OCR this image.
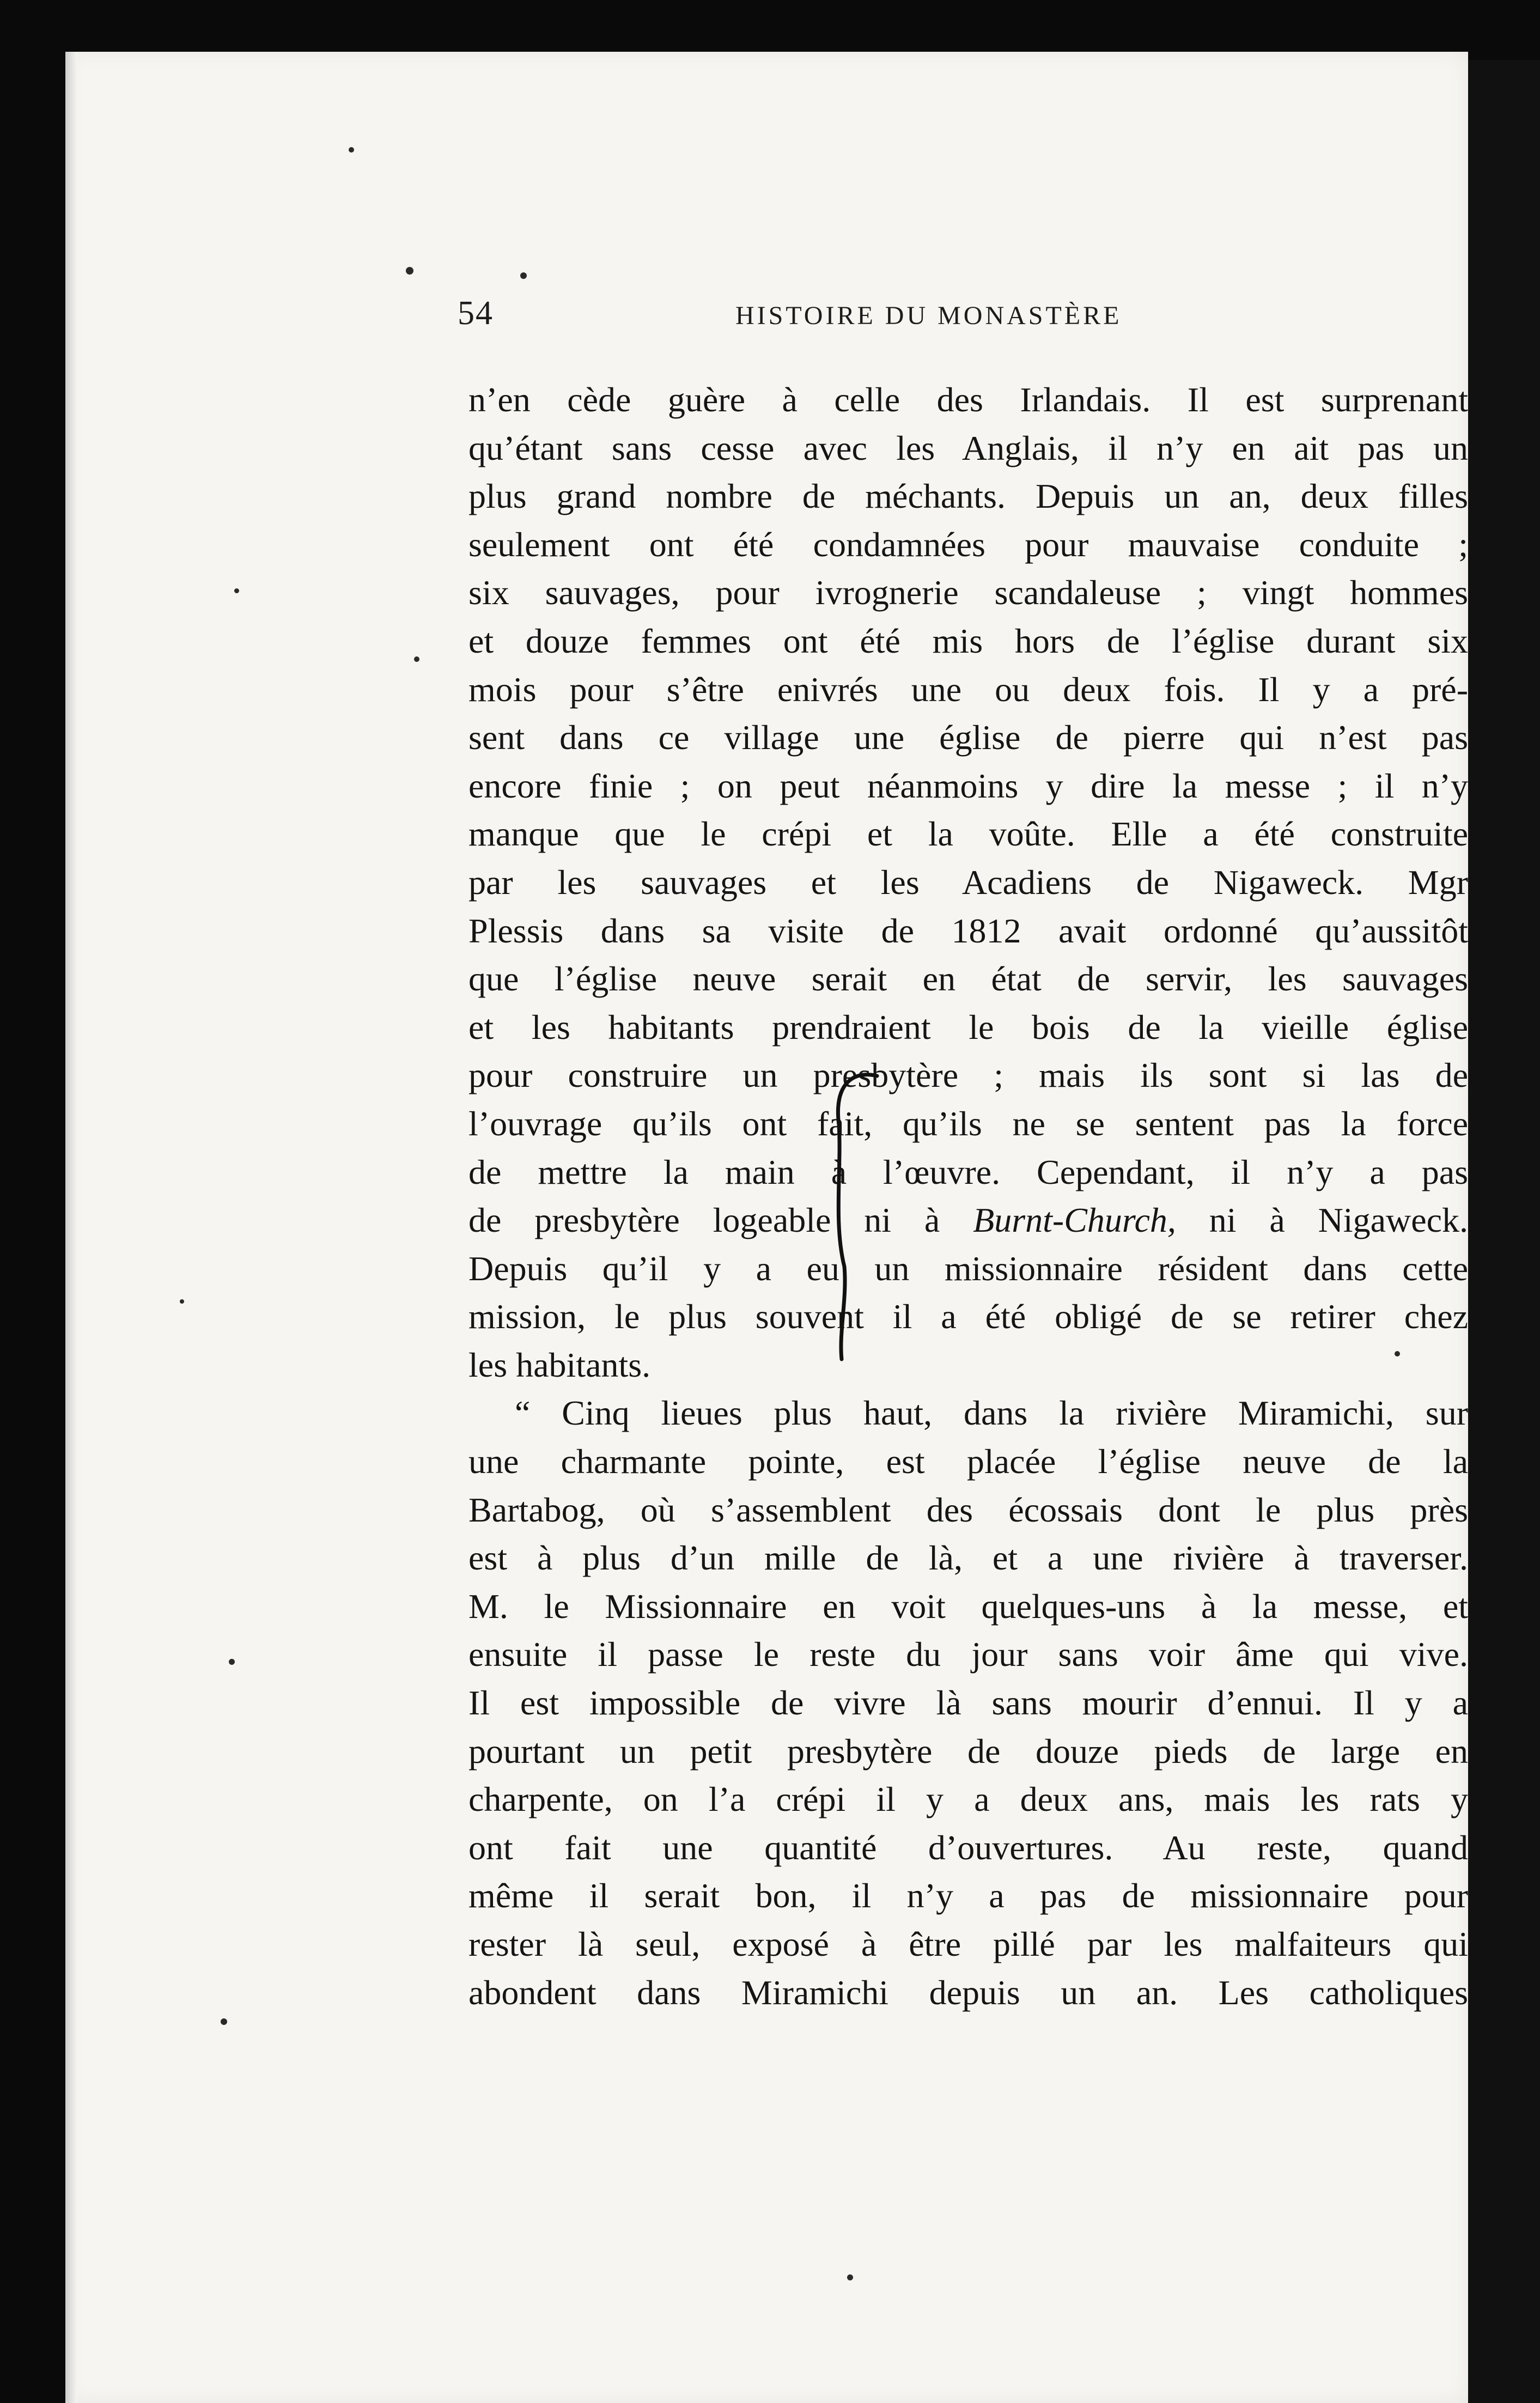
54	HISTOIRE DU MONASTÈRE
n’en cède guère à celle des Irlandais. Il est surprenant
qu’étant sans cesse avec les Anglais, il n’y en ait pas un
plus grand nombre de méchants. Depuis un an, deux filles
seulement ont été condamnées pour mauvaise conduite ;
six sauvages, pour ivrognerie scandaleuse ; vingt hommes
et douze femmes ont été mis hors de l’église durant six
mois pour s’être enivrés une ou deux fois. Il y a pré-
sent dans ce village une église de pierre qui n’est pas
encore finie ; on peut néanmoins y dire la messe ; il n’y
manque que le crépi et la voûte. Elle a été construite
par les sauvages et les Acadiens de Nigaweck. Mgr
Plessis dans sa visite de 1812 avait ordonné qu’aussitôt
que l’église neuve serait en état de servir, les sauvages
et les habitants prendraient le bois de la vieille église
pour construire un presbytère ; mais ils sont si las de
l’ouvrage qu’ils ont fait, qu’ils ne se sentent pas la force
de mettre la main à l’œuvre. Cependant, il n’y a pas
de presbytère logeable ni à Burnt-Church, ni à Nigaweck.
Depuis qu’il y a eu un missionnaire résident dans cette
mission, le plus souvent il a été obligé de se retirer chez
les habitants.
“ Cinq lieues plus haut, dans la rivière Miramichi, sur
une charmante pointe, est placée l’église neuve de la
Bartabog, où s’assemblent des écossais dont le plus près
est à plus d’un mille de là, et a une rivière à traverser.
M. le Missionnaire en voit quelques-uns à la messe, et
ensuite il passe le reste du jour sans voir âme qui vive.
Il est impossible de vivre là sans mourir d’ennui. Il y a
pourtant un petit presbytère de douze pieds de large en
charpente, on l’a crépi il y a deux ans, mais les rats y
ont fait une quantité d’ouvertures. Au reste, quand
même il serait bon, il n’y a pas de missionnaire pour
rester là seul, exposé à être pillé par les malfaiteurs qui
abondent dans Miramichi depuis un an. Les catholiques
